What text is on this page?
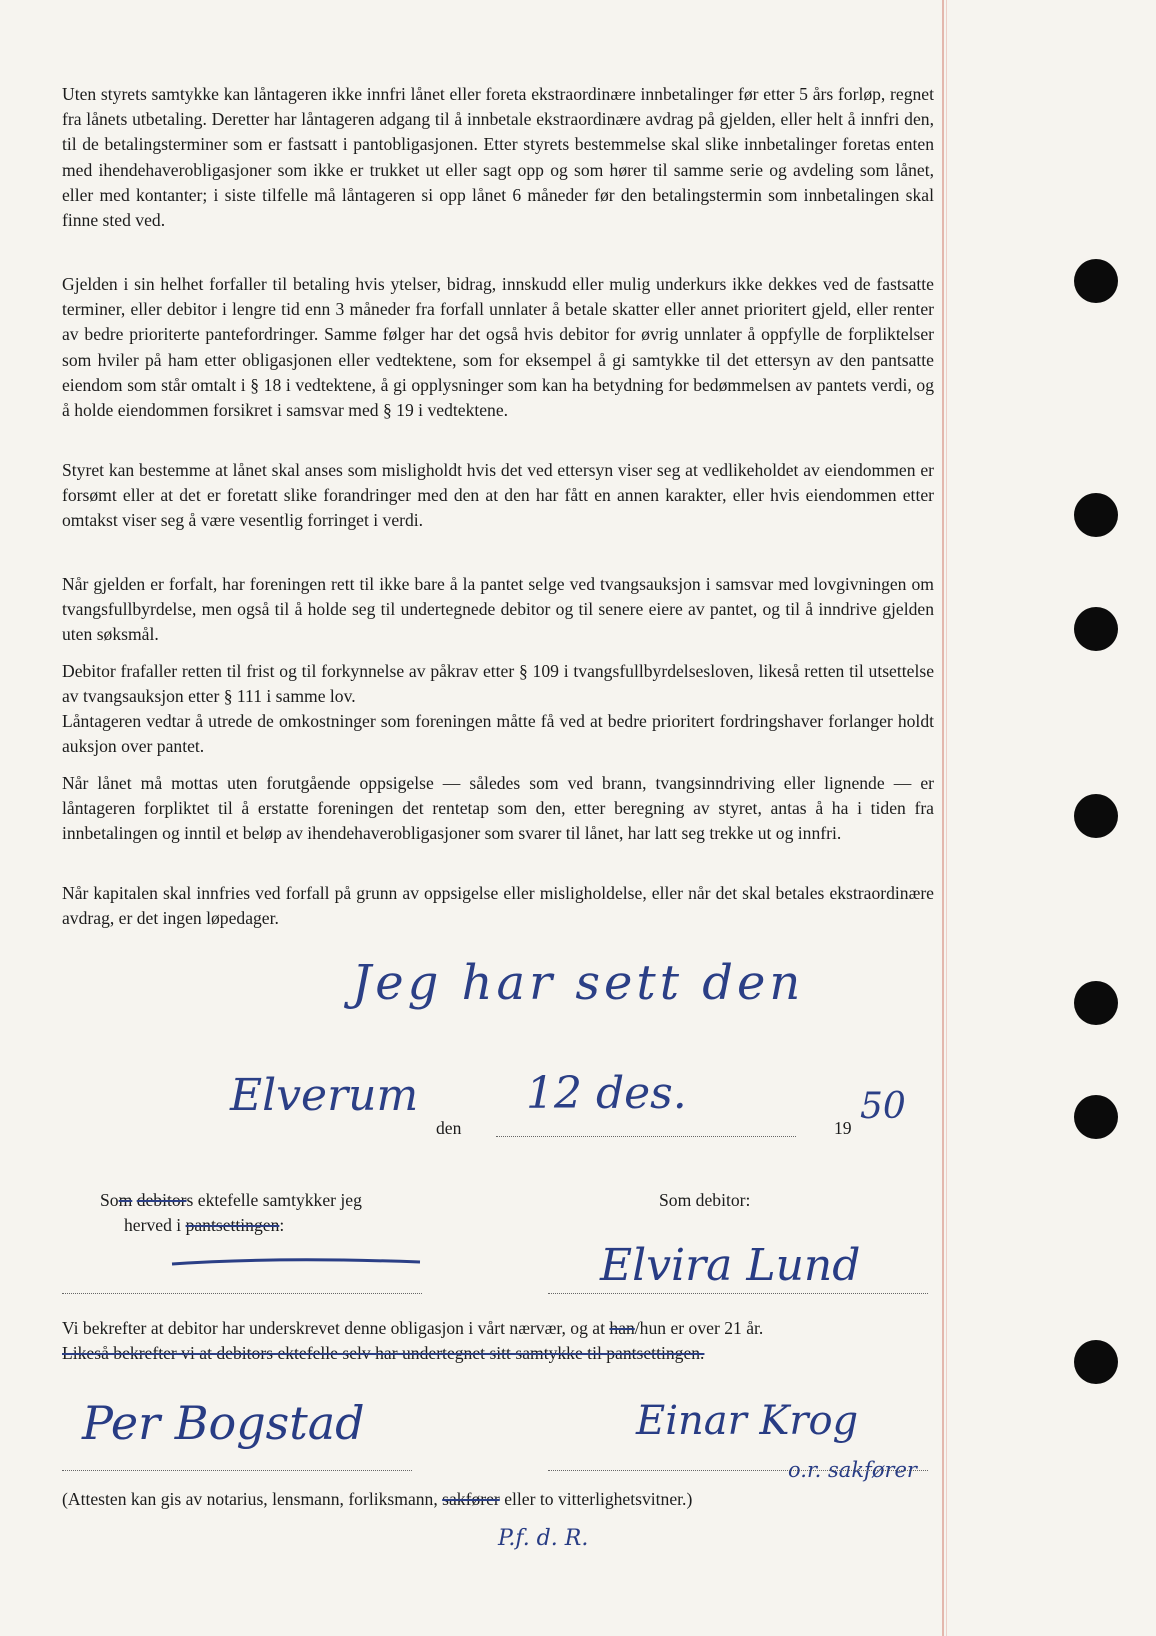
Uten styrets samtykke kan låntageren ikke innfri lånet eller foreta ekstraordinære innbetalinger før etter 5 års forløp, regnet fra lånets utbetaling. Deretter har låntageren adgang til å innbetale ekstraordinære avdrag på gjelden, eller helt å innfri den, til de betalingsterminer som er fastsatt i pantobligasjonen. Etter styrets bestemmelse skal slike innbetalinger foretas enten med ihendehaverobligasjoner som ikke er trukket ut eller sagt opp og som hører til samme serie og avdeling som lånet, eller med kontanter; i siste tilfelle må låntageren si opp lånet 6 måneder før den betalingstermin som innbetalingen skal finne sted ved.
Gjelden i sin helhet forfaller til betaling hvis ytelser, bidrag, innskudd eller mulig underkurs ikke dekkes ved de fastsatte terminer, eller debitor i lengre tid enn 3 måneder fra forfall unnlater å betale skatter eller annet prioritert gjeld, eller renter av bedre prioriterte pantefordringer. Samme følger har det også hvis debitor for øvrig unnlater å oppfylle de forpliktelser som hviler på ham etter obligasjonen eller vedtektene, som for eksempel å gi samtykke til det ettersyn av den pantsatte eiendom som står omtalt i § 18 i vedtektene, å gi opplysninger som kan ha betydning for bedømmelsen av pantets verdi, og å holde eiendommen forsikret i samsvar med § 19 i vedtektene.
Styret kan bestemme at lånet skal anses som misligholdt hvis det ved ettersyn viser seg at vedlikeholdet av eiendommen er forsømt eller at det er foretatt slike forandringer med den at den har fått en annen karakter, eller hvis eiendommen etter omtakst viser seg å være vesentlig forringet i verdi.
Når gjelden er forfalt, har foreningen rett til ikke bare å la pantet selge ved tvangsauksjon i samsvar med lovgivningen om tvangsfullbyrdelse, men også til å holde seg til undertegnede debitor og til senere eiere av pantet, og til å inndrive gjelden uten søksmål.
Debitor frafaller retten til frist og til forkynnelse av påkrav etter § 109 i tvangsfullbyrdelsesloven, likeså retten til utsettelse av tvangsauksjon etter § 111 i samme lov.
Låntageren vedtar å utrede de omkostninger som foreningen måtte få ved at bedre prioritert fordringshaver forlanger holdt auksjon over pantet.
Når lånet må mottas uten forutgående oppsigelse — således som ved brann, tvangsinndriving eller lignende — er låntageren forpliktet til å erstatte foreningen det rentetap som den, etter beregning av styret, antas å ha i tiden fra innbetalingen og inntil et beløp av ihendehaverobligasjoner som svarer til lånet, har latt seg trekke ut og innfri.
Når kapitalen skal innfries ved forfall på grunn av oppsigelse eller misligholdelse, eller når det skal betales ekstraordinære avdrag, er det ingen løpedager.
Jeg har sett den
Elverum
den
12 des.
19
50
Som debitors ektefelle samtykker jeg
herved i pantsettingen:
Som debitor:
Elvira Lund
Vi bekrefter at debitor har underskrevet denne obligasjon i vårt nærvær, og at han/hun er over 21 år.
Likeså bekrefter vi at debitors ektefelle selv har undertegnet sitt samtykke til pantsettingen.
Per Bogstad	Einar Krog
o.r. sakfører
(Attesten kan gis av notarius, lensmann, forliksmann, sakfører eller to vitterlighetsvitner.)
P.f. d. R.
